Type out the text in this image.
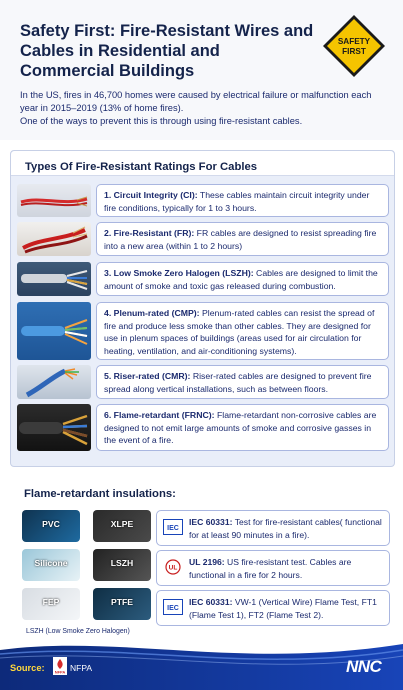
Safety First: Fire-Resistant Wires and Cables in Residential and Commercial Buildings
SAFETY
FIRST
In the US, fires in 46,700 homes were caused by electrical failure or malfunction each year in 2015–2019 (13% of home fires).
One of the ways to prevent this is through using fire-resistant cables.
Types Of Fire-Resistant Ratings For Cables
1. Circuit Integrity (CI): These cables maintain circuit integrity under fire conditions, typically for 1 to 3 hours.
2. Fire-Resistant (FR): FR cables are designed to resist spreading fire into a new area (within 1 to 2 hours)
3. Low Smoke Zero Halogen (LSZH): Cables are designed to limit the amount of smoke and toxic gas released during combustion.
4. Plenum-rated (CMP): Plenum-rated cables can resist the spread of fire and produce less smoke than other cables. They are designed for use in plenum spaces of buildings (areas used for air circulation for heating, ventilation, and air-conditioning systems).
5. Riser-rated (CMR): Riser-rated cables are designed to prevent fire spread along vertical installations, such as between floors.
6. Flame-retardant (FRNC): Flame-retardant non-corrosive cables are designed to not emit large amounts of smoke and corrosive gasses in the event of a fire.
Flame-retardant insulations:
PVC	XLPE
Silicone	LSZH
FEP	PTFE
LSZH (Low Smoke Zero Halogen)
IEC
IEC 60331: Test for fire-resistant cables( functional for at least 90 minutes in a fire).
UL
UL 2196: US fire-resistant test. Cables are functional in a fire for 2 hours.
IEC
IEC 60331: VW-1 (Vertical Wire) Flame Test, FT1 (Flame Test 1), FT2 (Flame Test 2).
Source:	NFPA NFPA	NNC
